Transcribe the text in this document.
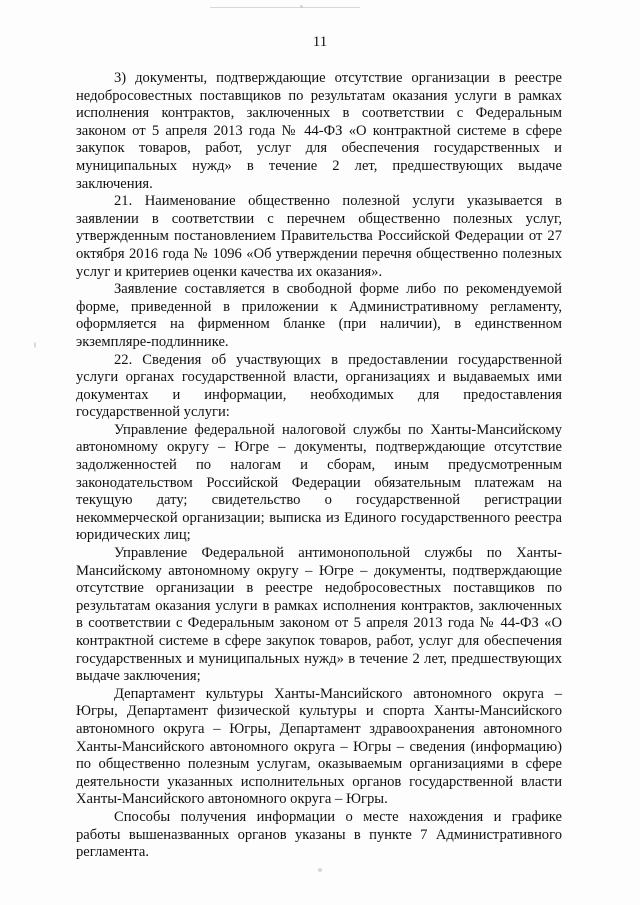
11

3) документы, подтверждающие отсутствие организации в реестре недобросовестных поставщиков по результатам оказания услуги в рамках исполнения контрактов, заключенных в соответствии с Федеральным законом от 5 апреля 2013 года № 44-ФЗ «О контрактной системе в сфере закупок товаров, работ, услуг для обеспечения государственных и муниципальных нужд» в течение 2 лет, предшествующих выдаче заключения.

21. Наименование общественно полезной услуги указывается в заявлении в соответствии с перечнем общественно полезных услуг, утвержденным постановлением Правительства Российской Федерации от 27 октября 2016 года № 1096 «Об утверждении перечня общественно полезных услуг и критериев оценки качества их оказания».

Заявление составляется в свободной форме либо по рекомендуемой форме, приведенной в приложении к Административному регламенту, оформляется на фирменном бланке (при наличии), в единственном экземпляре-подлиннике.

22. Сведения об участвующих в предоставлении государственной услуги органах государственной власти, организациях и выдаваемых ими документах и информации, необходимых для предоставления государственной услуги:

Управление федеральной налоговой службы по Ханты-Мансийскому автономному округу – Югре – документы, подтверждающие отсутствие задолженностей по налогам и сборам, иным предусмотренным законодательством Российской Федерации обязательным платежам на текущую дату; свидетельство о государственной регистрации некоммерческой организации; выписка из Единого государственного реестра юридических лиц;

Управление Федеральной антимонопольной службы по Ханты-Мансийскому автономному округу – Югре – документы, подтверждающие отсутствие организации в реестре недобросовестных поставщиков по результатам оказания услуги в рамках исполнения контрактов, заключенных в соответствии с Федеральным законом от 5 апреля 2013 года № 44-ФЗ «О контрактной системе в сфере закупок товаров, работ, услуг для обеспечения государственных и муниципальных нужд» в течение 2 лет, предшествующих выдаче заключения;

Департамент культуры Ханты-Мансийского автономного округа – Югры, Департамент физической культуры и спорта Ханты-Мансийского автономного округа – Югры, Департамент здравоохранения автономного Ханты-Мансийского автономного округа – Югры – сведения (информацию) по общественно полезным услугам, оказываемым организациями в сфере деятельности указанных исполнительных органов государственной власти Ханты-Мансийского автономного округа – Югры.

Способы получения информации о месте нахождения и графике работы вышеназванных органов указаны в пункте 7 Административного регламента.
